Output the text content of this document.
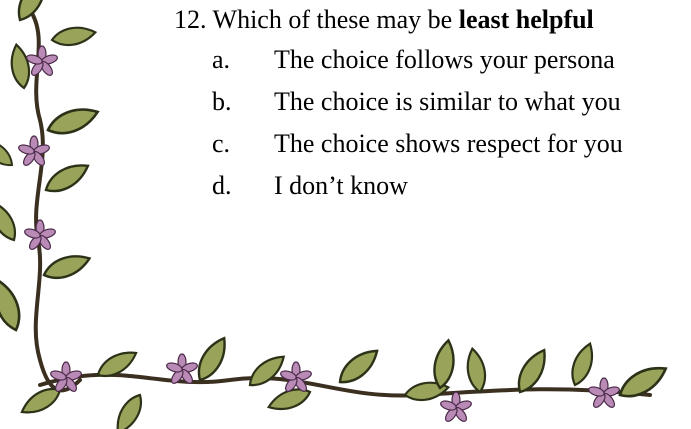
12. Which of these may be least helpful
a. The choice follows your persona
b. The choice is similar to what you
c. The choice shows respect for you
d. I don’t know
